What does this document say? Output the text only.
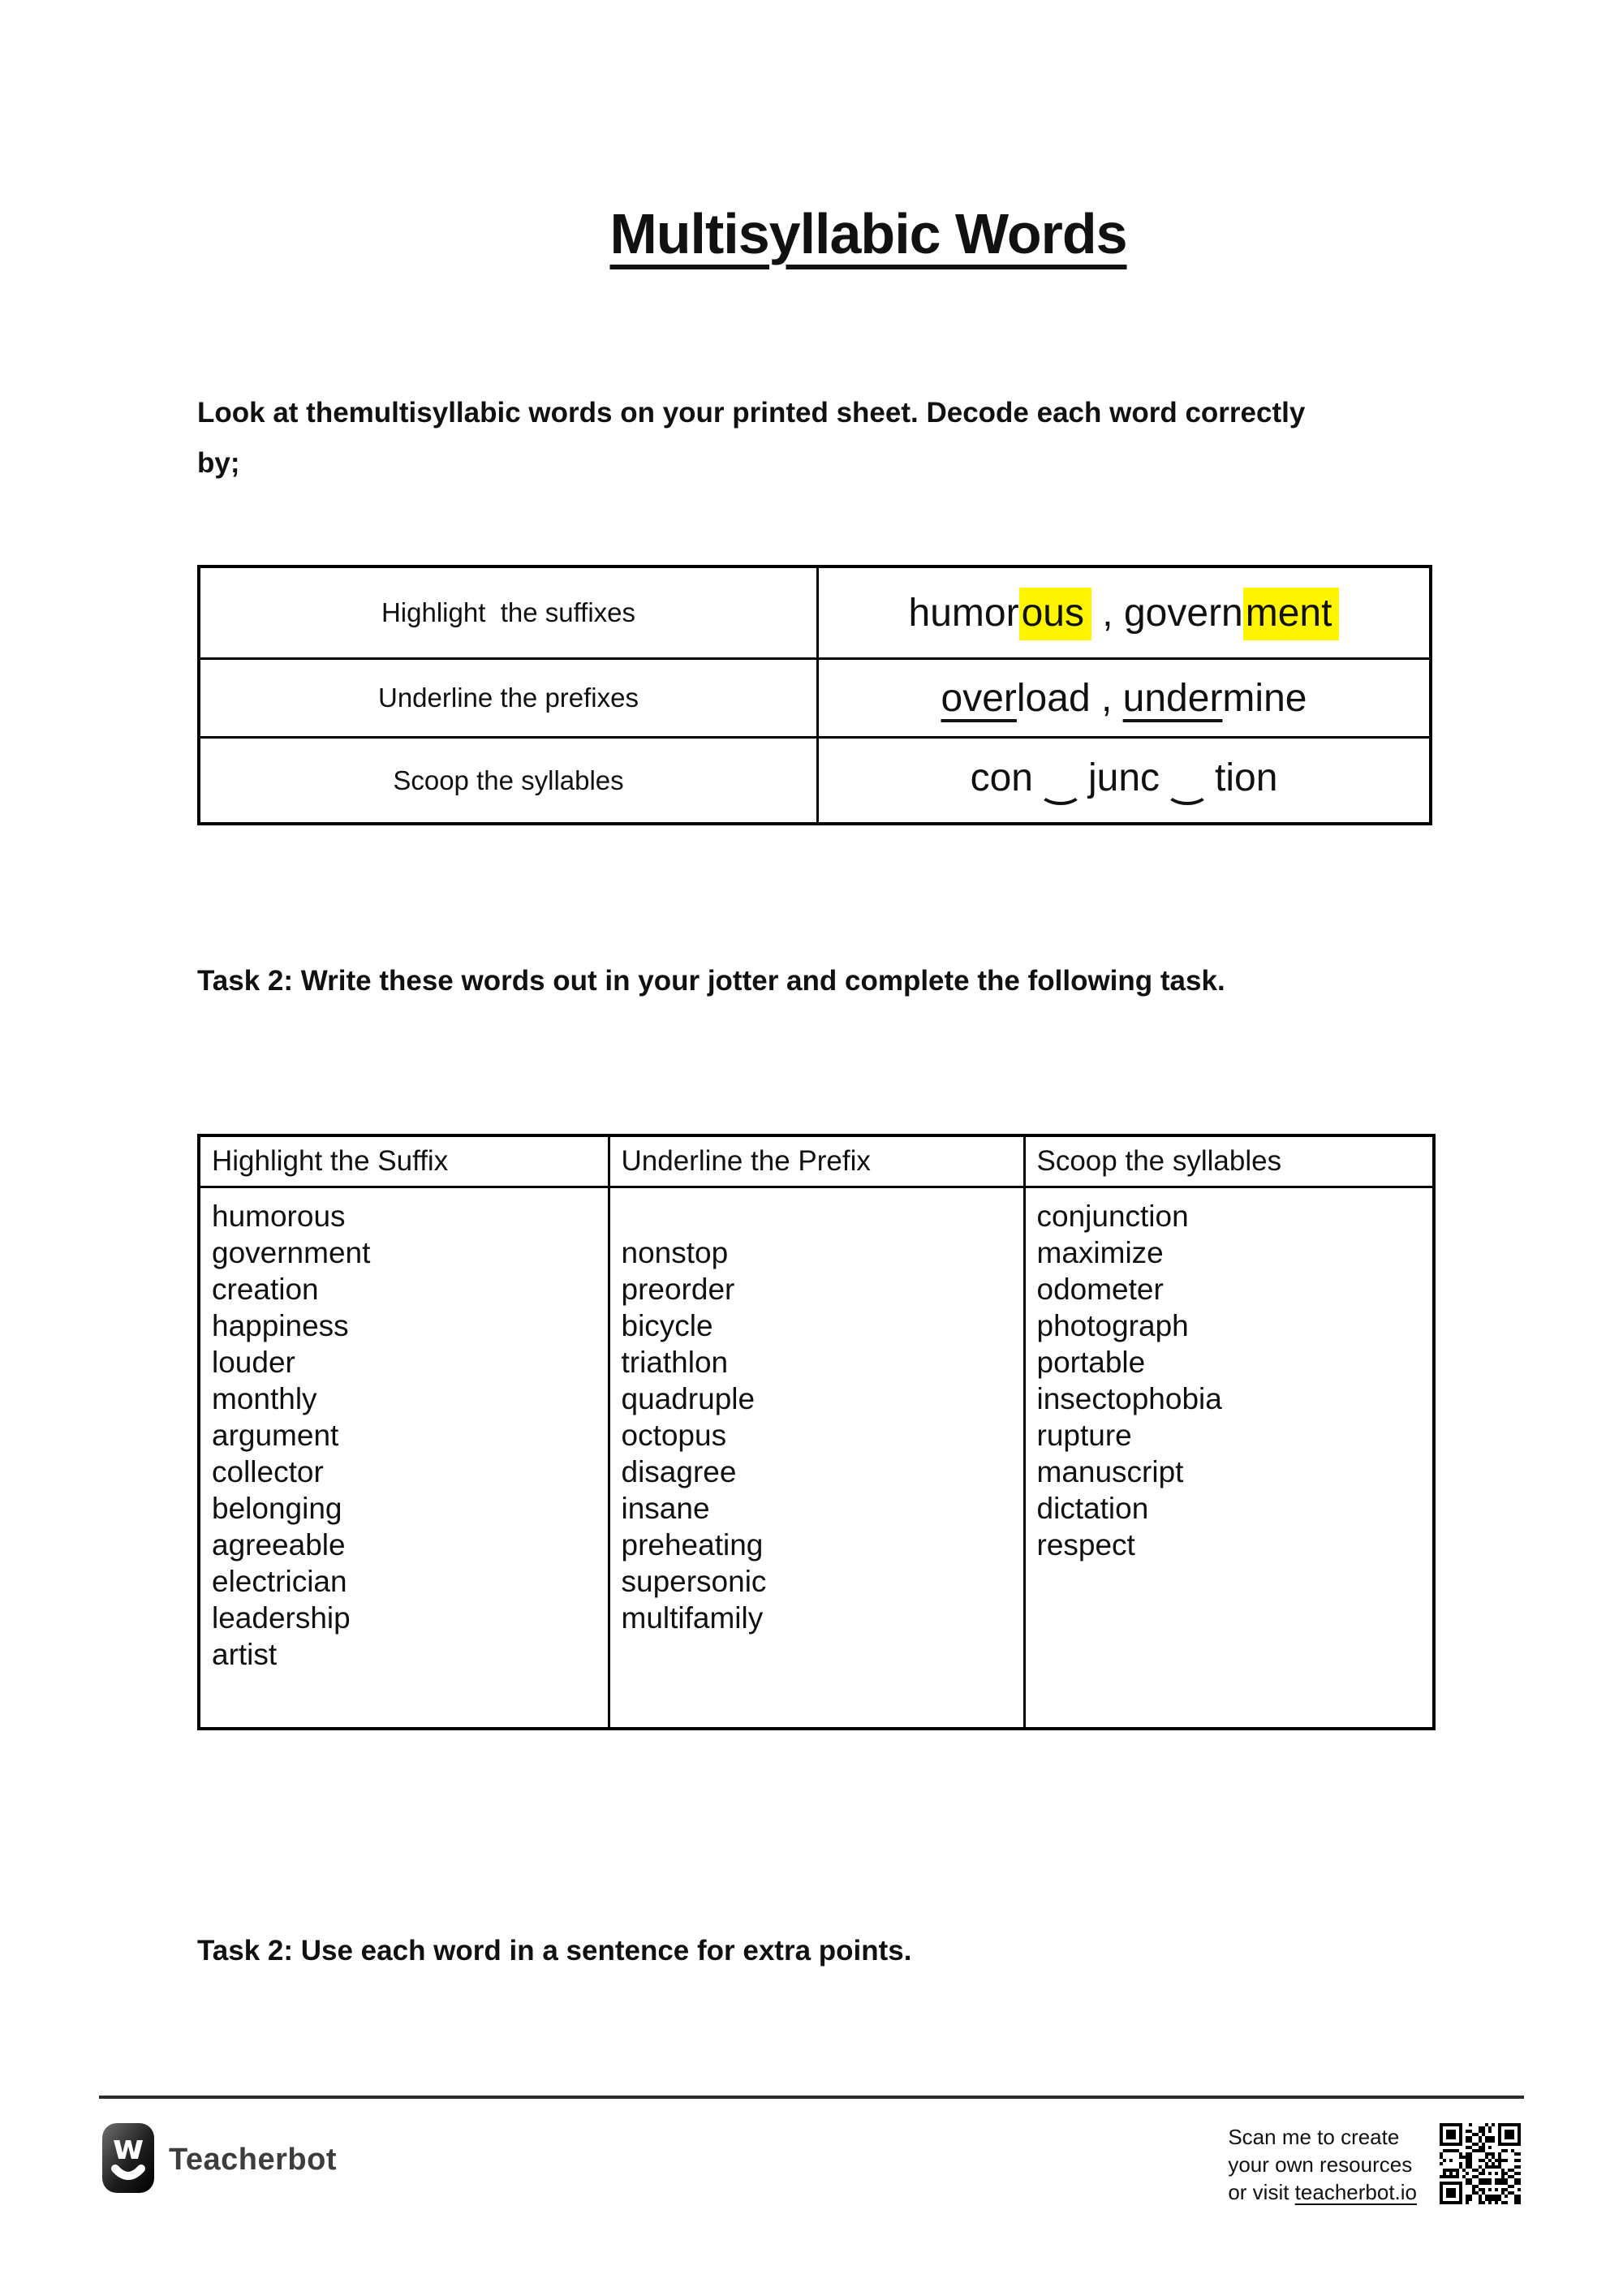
Multisyllabic Words
Look at themultisyllabic words on your printed sheet. Decode each word correctly
by;
Highlight  the suffixes	humorous , government
Underline the prefixes	overload , undermine
Scoop the syllables	con junc tion
Task 2: Write these words out in your jotter and complete the following task.
Highlight the Suffix	Underline the Prefix	Scoop the syllables

humorous
government
creation
happiness
louder
monthly
argument
collector
belonging
agreeable
electrician
leadership
artist

nonstop
preorder
bicycle
triathlon
quadruple
octopus
disagree
insane
preheating
supersonic
multifamily

conjunction
maximize
odometer
photograph
portable
insectophobia
rupture
manuscript
dictation
respect
Task 2: Use each word in a sentence for extra points.
w Teacherbot
Scan me to create
your own resources
or visit teacherbot.io
